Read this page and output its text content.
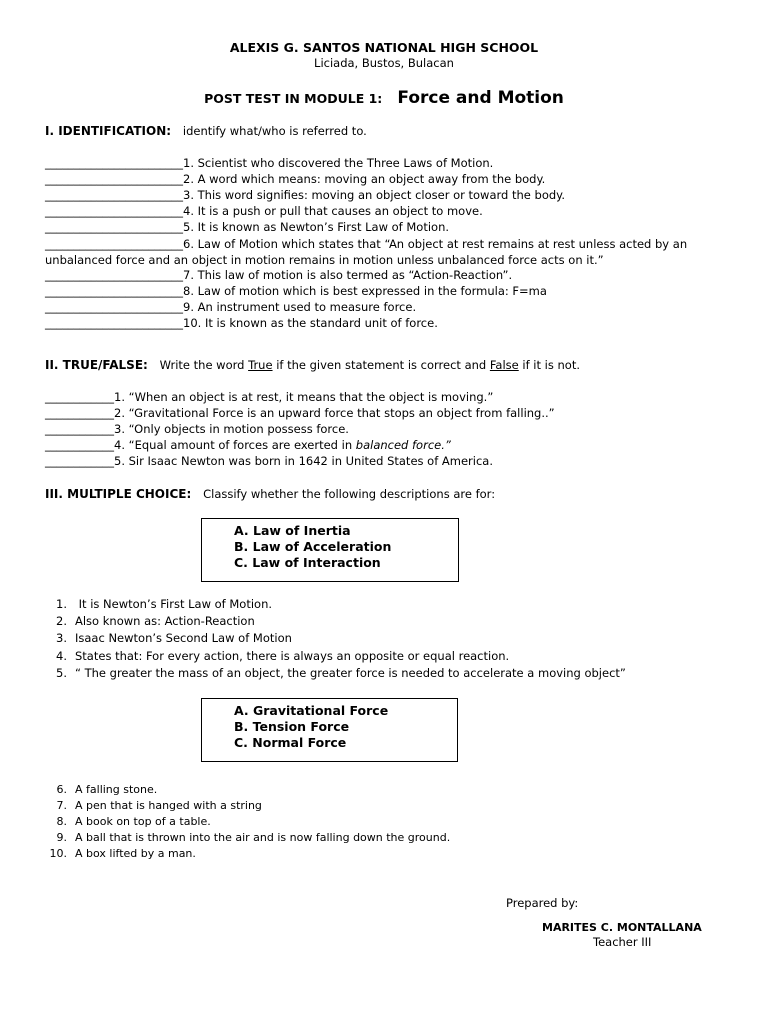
ALEXIS G. SANTOS NATIONAL HIGH SCHOOL
Liciada, Bustos, Bulacan
POST TEST IN MODULE 1: Force and Motion
I. IDENTIFICATION: identify what/who is referred to.
________________________1. Scientist who discovered the Three Laws of Motion.
________________________2. A word which means: moving an object away from the body.
________________________3. This word signifies: moving an object closer or toward the body.
________________________4. It is a push or pull that causes an object to move.
________________________5. It is known as Newton’s First Law of Motion.
________________________6. Law of Motion which states that “An object at rest remains at rest unless acted by an unbalanced force and an object in motion remains in motion unless unbalanced force acts on it.”
________________________7. This law of motion is also termed as “Action-Reaction”.
________________________8. Law of motion which is best expressed in the formula: F=ma
________________________9. An instrument used to measure force.
________________________10. It is known as the standard unit of force.
II. TRUE/FALSE: Write the word True if the given statement is correct and False if it is not.
____________1. “When an object is at rest, it means that the object is moving.”
____________2. “Gravitational Force is an upward force that stops an object from falling..”
____________3. “Only objects in motion possess force.
____________4. “Equal amount of forces are exerted in balanced force.”
____________5. Sir Isaac Newton was born in 1642 in United States of America.
III. MULTIPLE CHOICE: Classify whether the following descriptions are for:
A. Law of Inertia
B. Law of Acceleration
C. Law of Interaction
1. It is Newton’s First Law of Motion.
2. Also known as: Action-Reaction
3. Isaac Newton’s Second Law of Motion
4. States that: For every action, there is always an opposite or equal reaction.
5. “ The greater the mass of an object, the greater force is needed to accelerate a moving object”
A. Gravitational Force
B. Tension Force
C. Normal Force
6. A falling stone.
7. A pen that is hanged with a string
8. A book on top of a table.
9. A ball that is thrown into the air and is now falling down the ground.
10. A box lifted by a man.
Prepared by:
MARITES C. MONTALLANA
Teacher III
